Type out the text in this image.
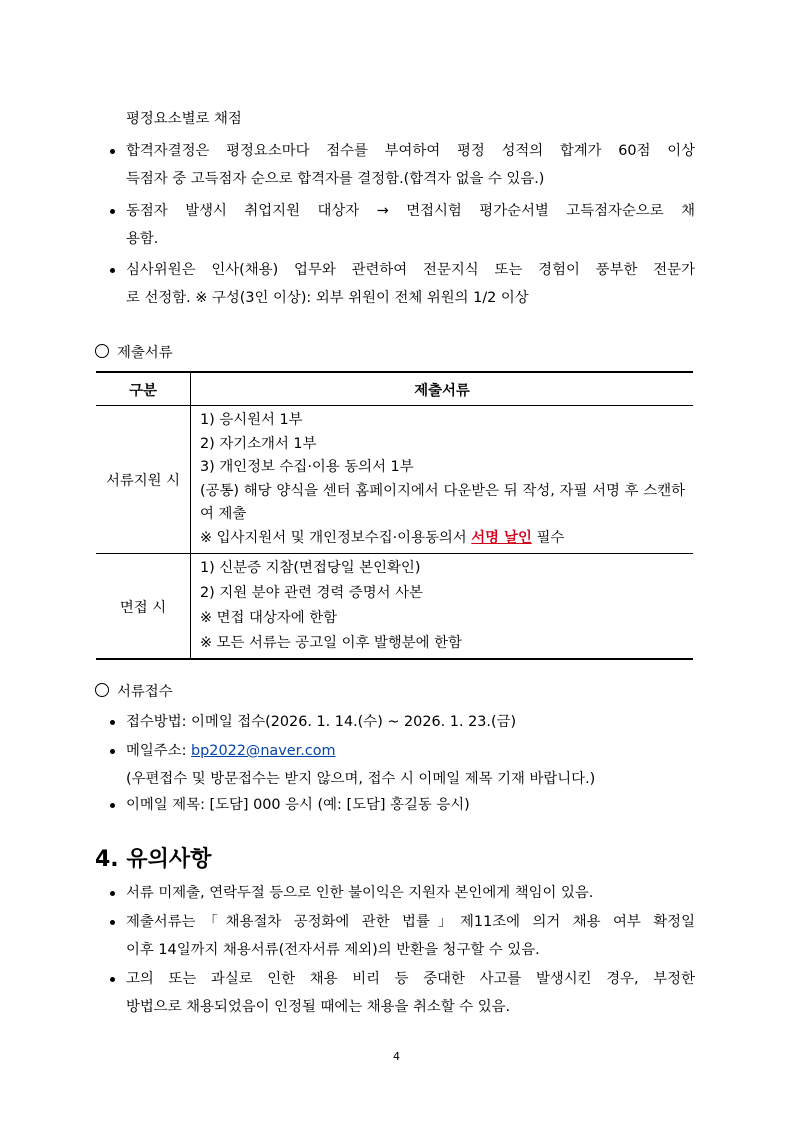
평정요소별로 채점
합격자결정은 평정요소마다 점수를 부여하여 평정 성적의 합계가 60점 이상
득점자 중 고득점자 순으로 합격자를 결정함.(합격자 없을 수 있음.)
동점자 발생시 취업지원 대상자 → 면접시험 평가순서별 고득점자순으로 채
용함.
심사위원은 인사(채용) 업무와 관련하여 전문지식 또는 경험이 풍부한 전문가
로 선정함. ※ 구성(3인 이상): 외부 위원이 전체 위원의 1/2 이상
제출서류
구분	제출서류
서류지원 시	1) 응시원서 1부
2) 자기소개서 1부
3) 개인정보 수집·이용 동의서 1부
(공통) 해당 양식을 센터 홈페이지에서 다운받은 뒤 작성, 자필 서명 후 스캔하여 제출
※ 입사지원서 및 개인정보수집·이용동의서 서명 날인 필수

면접 시	1) 신분증 지참(면접당일 본인확인)
2) 지원 분야 관련 경력 증명서 사본
※ 면접 대상자에 한함
※ 모든 서류는 공고일 이후 발행분에 한함
서류접수
접수방법: 이메일 접수(2026. 1. 14.(수) ~ 2026. 1. 23.(금)
메일주소: bp2022@naver.com
(우편접수 및 방문접수는 받지 않으며, 접수 시 이메일 제목 기재 바랍니다.)
이메일 제목: [도담] 000 응시 (예: [도담] 홍길동 응시)
4. 유의사항
서류 미제출, 연락두절 등으로 인한 불이익은 지원자 본인에게 책임이 있음.
제출서류는「채용절차 공정화에 관한 법률」제11조에 의거 채용 여부 확정일
이후 14일까지 채용서류(전자서류 제외)의 반환을 청구할 수 있음.
고의 또는 과실로 인한 채용 비리 등 중대한 사고를 발생시킨 경우, 부정한
방법으로 채용되었음이 인정될 때에는 채용을 취소할 수 있음.
4
